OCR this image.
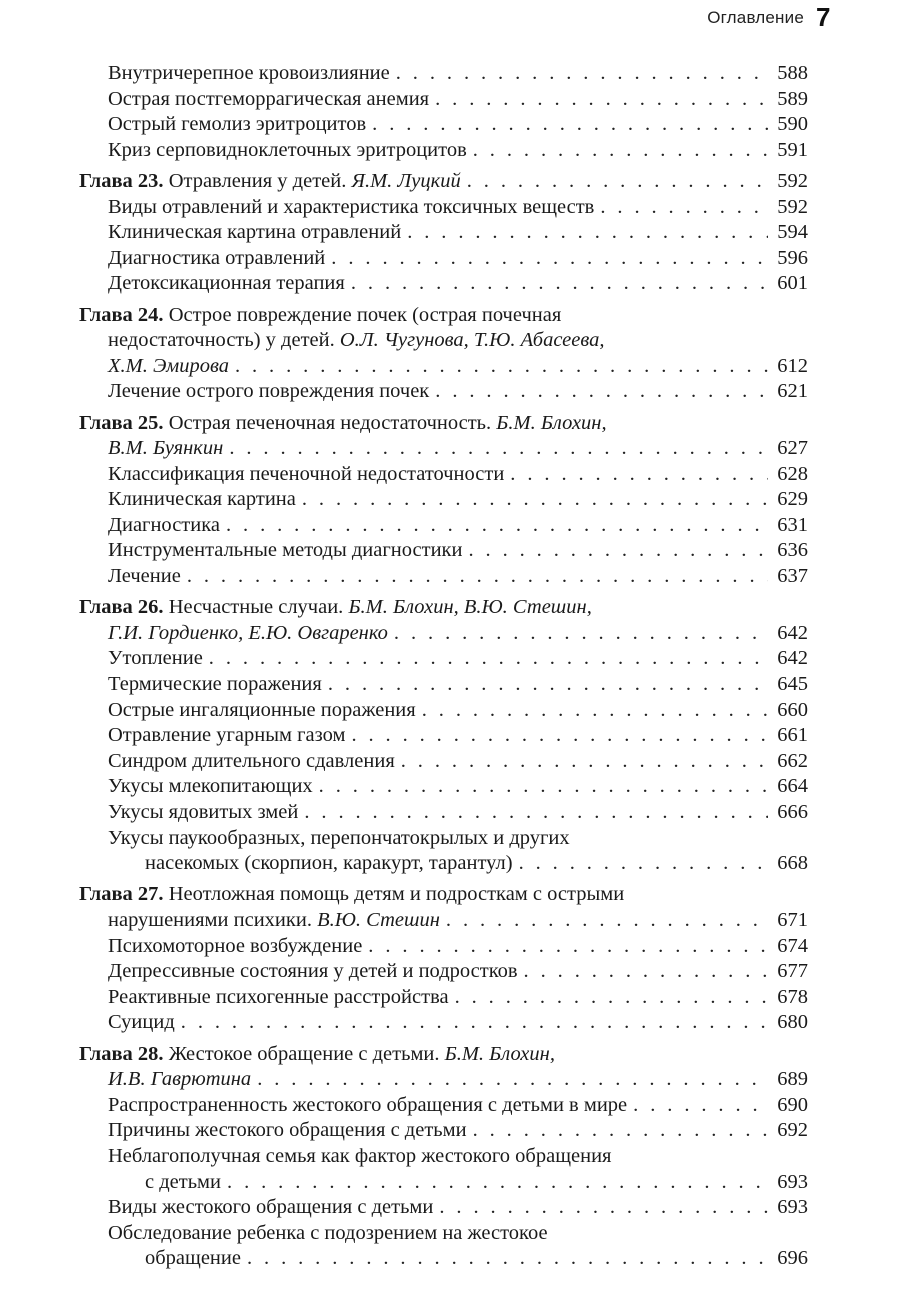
Оглавление 7
Внутричерепное кровоизлияние . . .	588
Острая постгеморрагическая анемия . . .	589
Острый гемолиз эритроцитов . . .	590
Криз серповидноклеточных эритроцитов . . .	591
Глава 23. Отравления у детей. Я.М. Луцкий . . .	592
Виды отравлений и характеристика токсичных веществ . . .	592
Клиническая картина отравлений . . .	594
Диагностика отравлений . . .	596
Детоксикационная терапия . . .	601
Глава 24. Острое повреждение почек (острая почечная
недостаточность) у детей. О.Л. Чугунова, Т.Ю. Абасеева,
Х.М. Эмирова . . .	612
Лечение острого повреждения почек . . .	621
Глава 25. Острая печеночная недостаточность. Б.М. Блохин,
В.М. Буянкин . . .	627
Классификация печеночной недостаточности . . .	628
Клиническая картина . . .	629
Диагностика . . .	631
Инструментальные методы диагностики . . .	636
Лечение . . .	637
Глава 26. Несчастные случаи. Б.М. Блохин, В.Ю. Стешин,
Г.И. Гордиенко, Е.Ю. Овгаренко . . .	642
Утопление . . .	642
Термические поражения . . .	645
Острые ингаляционные поражения . . .	660
Отравление угарным газом . . .	661
Синдром длительного сдавления . . .	662
Укусы млекопитающих . . .	664
Укусы ядовитых змей . . .	666
Укусы паукообразных, перепончатокрылых и других
насекомых (скорпион, каракурт, тарантул) . . .	668
Глава 27. Неотложная помощь детям и подросткам с острыми
нарушениями психики. В.Ю. Стешин . . .	671
Психомоторное возбуждение . . .	674
Депрессивные состояния у детей и подростков . . .	677
Реактивные психогенные расстройства . . .	678
Суицид . . .	680
Глава 28. Жестокое обращение с детьми. Б.М. Блохин,
И.В. Гаврютина . . .	689
Распространенность жестокого обращения с детьми в мире . . .	690
Причины жестокого обращения с детьми . . .	692
Неблагополучная семья как фактор жестокого обращения
с детьми . . .	693
Виды жестокого обращения с детьми . . .	693
Обследование ребенка с подозрением на жестокое
обращение . . .	696
